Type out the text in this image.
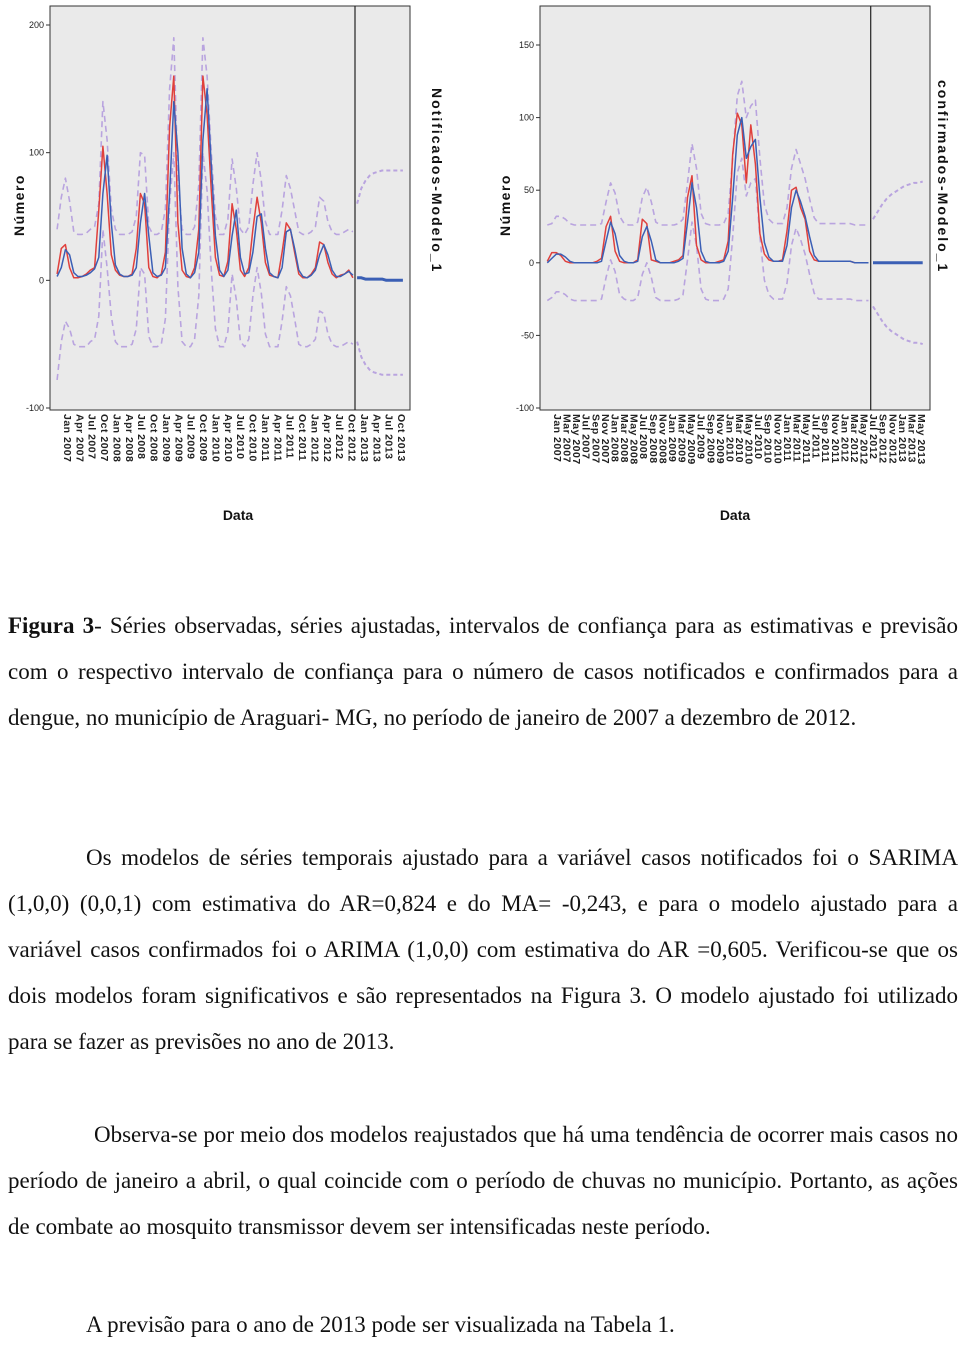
200
100
0
-100
Jan 2007 Apr 2007 Jul 2007 Oct 2007 Jan 2008 Apr 2008 Jul 2008 Oct 2008 Jan 2009 Apr 2009 Jul 2009 Oct 2009 Jan 2010 Apr 2010 Jul 2010 Oct 2010 Jan 2011 Apr 2011 Jul 2011 Oct 2011 Jan 2012 Apr 2012 Jul 2012 Oct 2012 Jan 2013 Apr 2013 Jul 2013 Oct 2013
Número	Notificados-Modelo_1
Data
150
100
50
0
-50
-100
Jan 2007
Mar 2007
May 2007
Jul 2007
Sep 2007
Nov 2007
Jan 2008
Mar 2008
May 2008
Jul 2008
Sep 2008
Nov 2008
Jan 2009
Mar 2009
May 2009
Jul 2009
Sep 2009
Nov 2009
Jan 2010
Mar 2010
May 2010
Jul 2010
Sep 2010
Nov 2010
Jan 2011
Mar 2011
May 2011
Jul 2011
Sep 2011
Nov 2011
Jan 2012
Mar 2012
May 2012
Jul 2012
Sep 2012
Nov 2012
Jan 2013
Mar 2013
May 2013
Número	confirmados-Modelo_1
Data
Figura 3- Séries observadas, séries ajustadas, intervalos de confiança para as estimativas e previsão com o respectivo intervalo de confiança para o número de casos notificados e confirmados para a dengue, no município de Araguari- MG, no período de janeiro de 2007 a dezembro de 2012.
Os modelos de séries temporais ajustado para a variável casos notificados foi o SARIMA (1,0,0) (0,0,1) com estimativa do AR=0,824 e do MA= -0,243, e para o modelo ajustado para a variável casos confirmados foi o ARIMA (1,0,0) com estimativa do AR =0,605. Verificou-se que os dois modelos foram significativos e são representados na Figura 3. O modelo ajustado foi utilizado para se fazer as previsões no ano de 2013.
Observa-se por meio dos modelos reajustados que há uma tendência de ocorrer mais casos no período de janeiro a abril, o qual coincide com o período de chuvas no município. Portanto, as ações de combate ao mosquito transmissor devem ser intensificadas neste período.
A previsão para o ano de 2013 pode ser visualizada na Tabela 1.
